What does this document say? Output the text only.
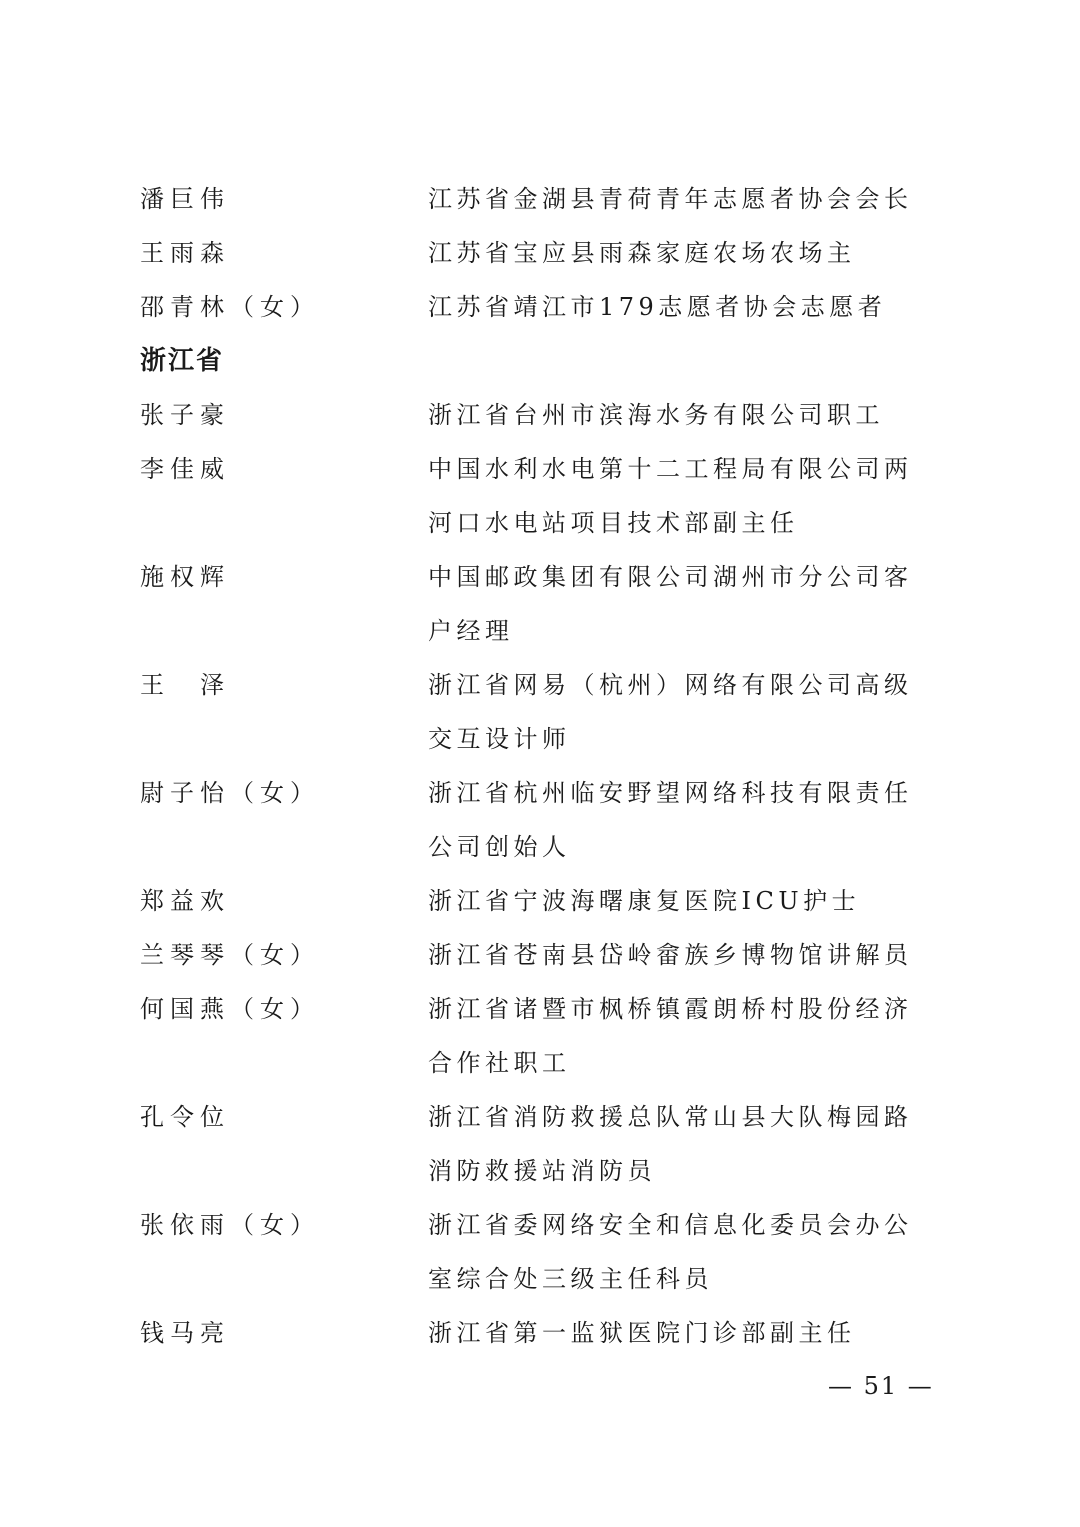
潘巨伟	江苏省金湖县青荷青年志愿者协会会长
王雨森	江苏省宝应县雨森家庭农场农场主
邵青林（女）	江苏省靖江市179志愿者协会志愿者
浙江省
张子豪	浙江省台州市滨海水务有限公司职工
李佳威	中国水利水电第十二工程局有限公司两河口水电站项目技术部副主任
施权辉	中国邮政集团有限公司湖州市分公司客户经理
王　泽	浙江省网易（杭州）网络有限公司高级交互设计师
尉子怡（女）	浙江省杭州临安野望网络科技有限责任公司创始人
郑益欢	浙江省宁波海曙康复医院ICU护士
兰琴琴（女）	浙江省苍南县岱岭畲族乡博物馆讲解员
何国燕（女）	浙江省诸暨市枫桥镇霞朗桥村股份经济合作社职工
孔令位	浙江省消防救援总队常山县大队梅园路消防救援站消防员
张依雨（女）	浙江省委网络安全和信息化委员会办公室综合处三级主任科员
钱马亮	浙江省第一监狱医院门诊部副主任
— 51 —
